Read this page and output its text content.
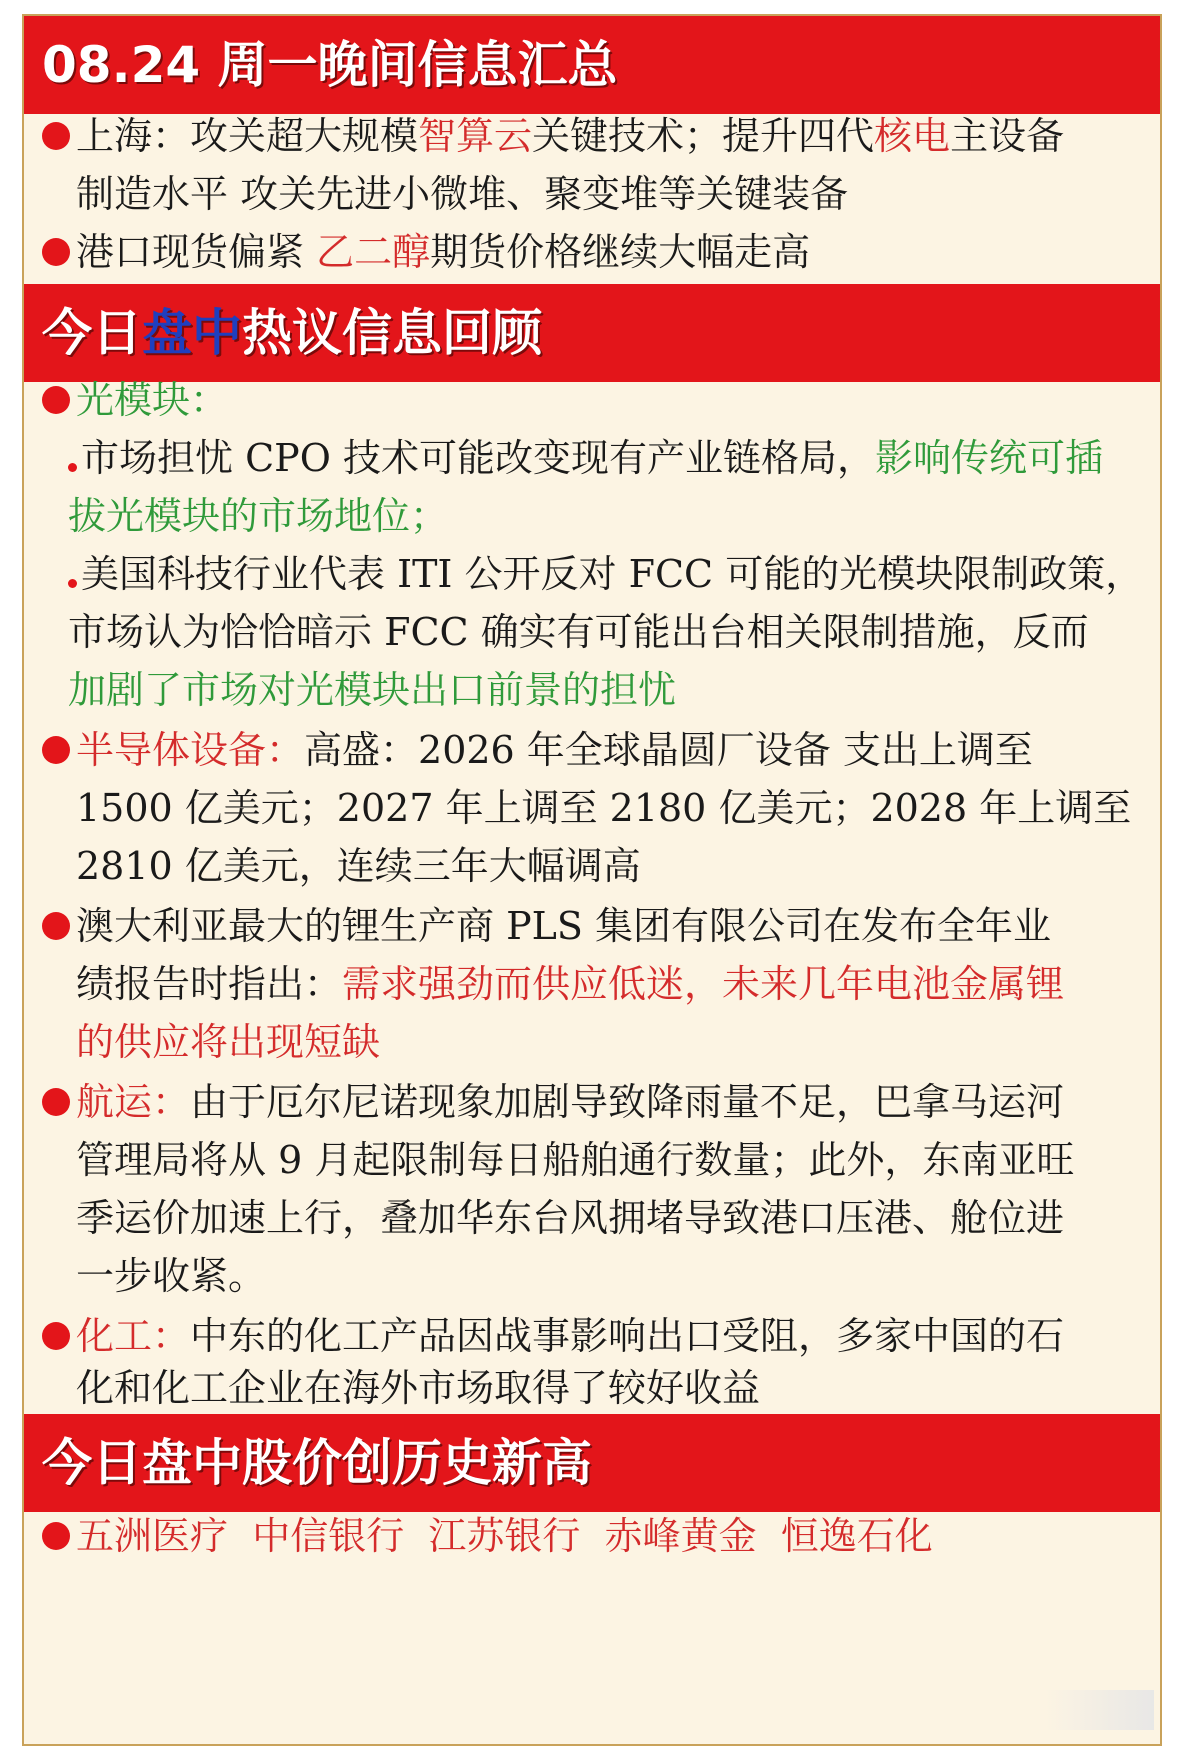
08.24 周一晚间信息汇总
上海：攻关超大规模智算云关键技术；提升四代核电主设备
制造水平 攻关先进小微堆、聚变堆等关键装备
港口现货偏紧 乙二醇期货价格继续大幅走高
今日盘中热议信息回顾
光模块：
市场担忧 CPO 技术可能改变现有产业链格局，影响传统可插
拔光模块的市场地位；
美国科技行业代表 ITI 公开反对 FCC 可能的光模块限制政策，
市场认为恰恰暗示 FCC 确实有可能出台相关限制措施，反而
加剧了市场对光模块出口前景的担忧
半导体设备：高盛：2026 年全球晶圆厂设备 支出上调至
1500 亿美元；2027 年上调至 2180 亿美元；2028 年上调至
2810 亿美元，连续三年大幅调高
澳大利亚最大的锂生产商 PLS 集团有限公司在发布全年业
绩报告时指出：需求强劲而供应低迷，未来几年电池金属锂
的供应将出现短缺
航运：由于厄尔尼诺现象加剧导致降雨量不足，巴拿马运河
管理局将从 9 月起限制每日船舶通行数量；此外，东南亚旺
季运价加速上行，叠加华东台风拥堵导致港口压港、舱位进
一步收紧。
化工：中东的化工产品因战事影响出口受阻，多家中国的石
化和化工企业在海外市场取得了较好收益
今日盘中股价创历史新高
五洲医疗 中信银行 江苏银行 赤峰黄金 恒逸石化
